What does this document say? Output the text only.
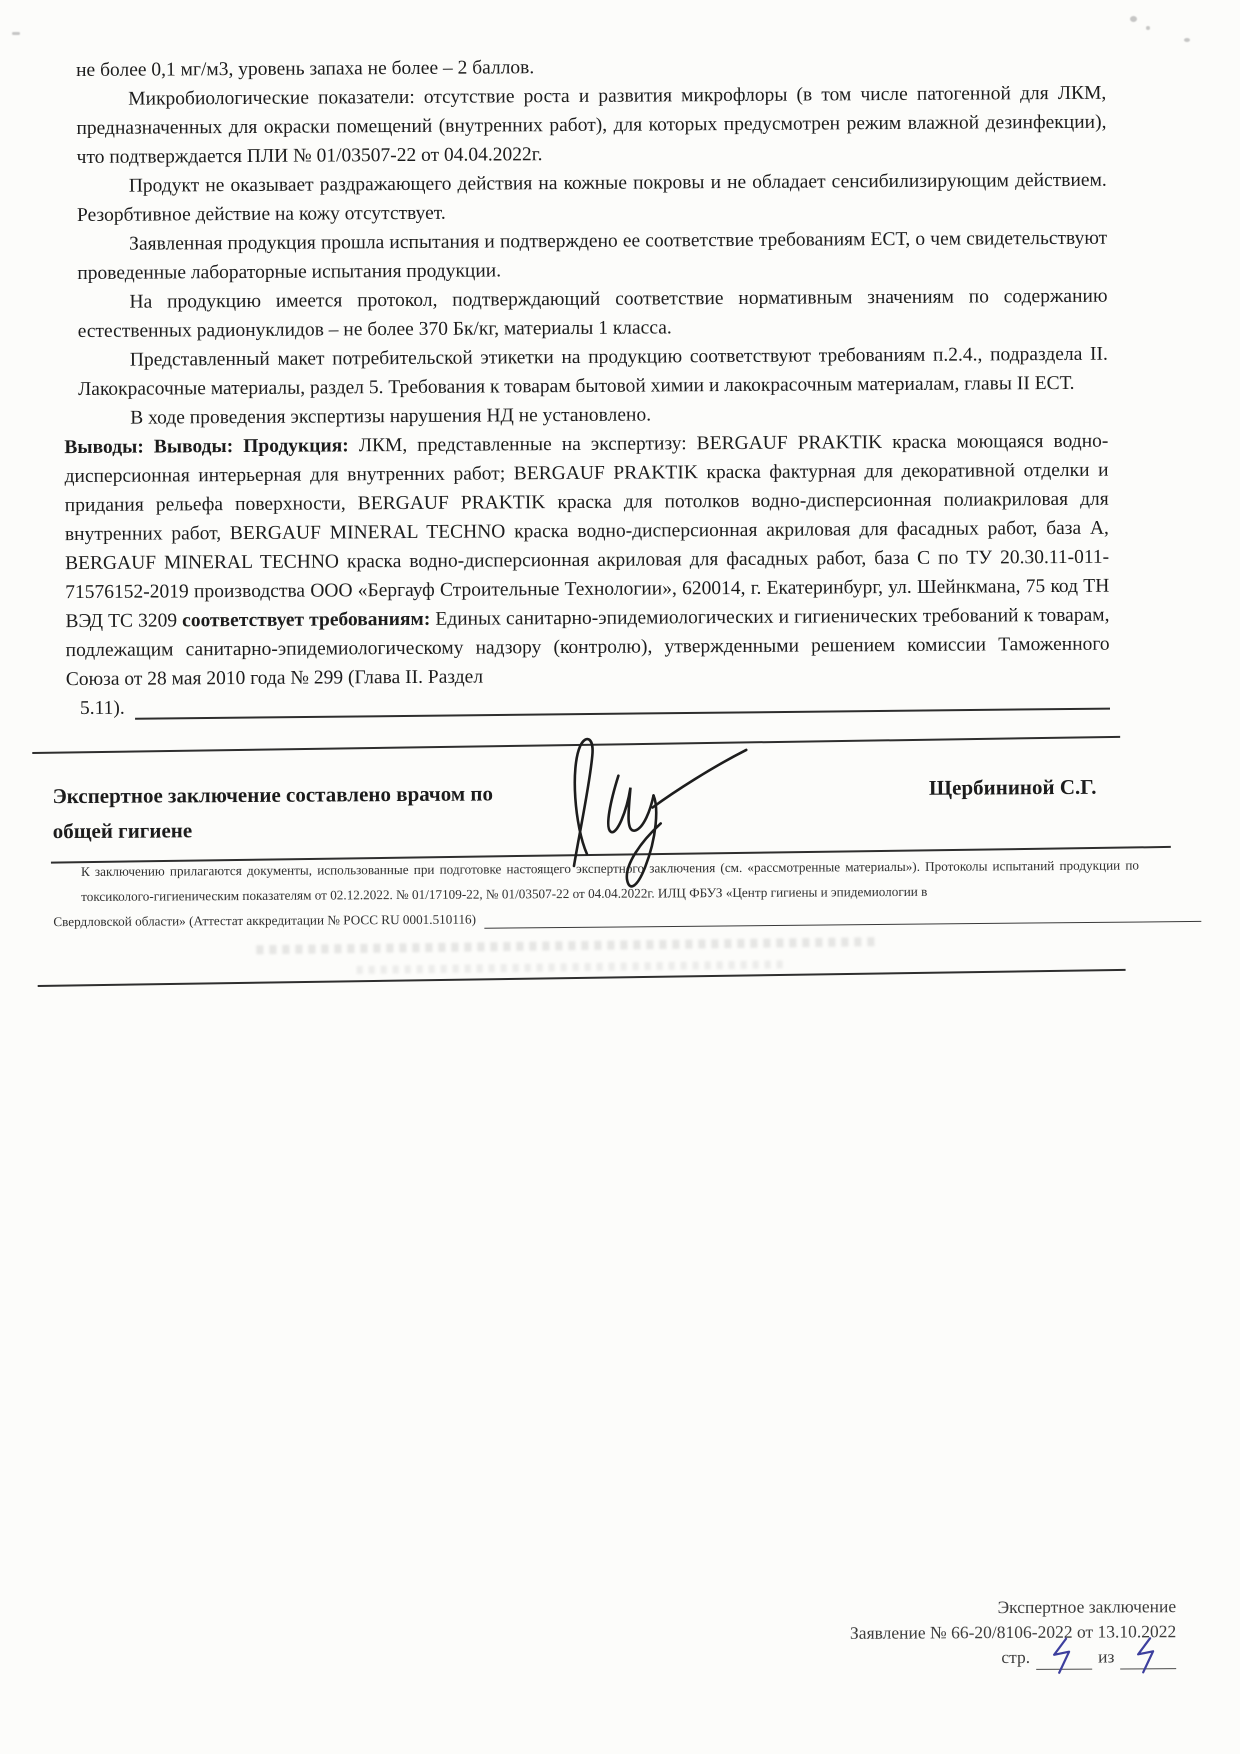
не более 0,1 мг/м3, уровень запаха не более – 2 баллов.

Микробиологические показатели: отсутствие роста и развития микрофлоры (в том числе патогенной для ЛКМ, предназначенных для окраски помещений (внутренних работ), для которых предусмотрен режим влажной дезинфекции), что подтверждается ПЛИ № 01/03507-22 от 04.04.2022г.

Продукт не оказывает раздражающего действия на кожные покровы и не обладает сенсибилизирующим действием. Резорбтивное действие на кожу отсутствует.

Заявленная продукция прошла испытания и подтверждено ее соответствие требованиям ЕСТ, о чем свидетельствуют проведенные лабораторные испытания продукции.

На продукцию имеется протокол, подтверждающий соответствие нормативным значениям по содержанию естественных радионуклидов – не более 370 Бк/кг, материалы 1 класса.

Представленный макет потребительской этикетки на продукцию соответствуют требованиям п.2.4., подраздела II. Лакокрасочные материалы, раздел 5. Требования к товарам бытовой химии и лакокрасочным материалам, главы II ЕСТ.

В ходе проведения экспертизы нарушения НД не установлено.

Выводы: Выводы: Продукция: ЛКМ, представленные на экспертизу: BERGAUF PRAKTIK краска моющаяся водно-дисперсионная интерьерная для внутренних работ; BERGAUF PRAKTIK краска фактурная для декоративной отделки и придания рельефа поверхности, BERGAUF PRAKTIK краска для потолков водно-дисперсионная полиакриловая для внутренних работ, BERGAUF MINERAL TECHNO краска водно-дисперсионная акриловая для фасадных работ, база А, BERGAUF MINERAL TECHNO краска водно-дисперсионная акриловая для фасадных работ, база С по ТУ 20.30.11-011-71576152-2019 производства ООО «Бергауф Строительные Технологии», 620014, г. Екатеринбург, ул. Шейнкмана, 75 код ТН ВЭД ТС 3209 соответствует требованиям: Единых санитарно-эпидемиологических и гигиенических требований к товарам, подлежащим санитарно-эпидемиологическому надзору (контролю), утвержденными решением комиссии Таможенного Союза от 28 мая 2010 года № 299 (Глава II. Раздел

5.11).
Экспертное заключение составлено врачом по
общей гигиене
Щербининой С.Г.

К заключению прилагаются документы, использованные при подготовке настоящего экспертного заключения (см. «рассмотренные материалы»). Протоколы испытаний продукции по токсиколого-гигиеническим показателям от 02.12.2022. № 01/17109-22, № 01/03507-22 от 04.04.2022г. ИЛЦ ФБУЗ «Центр гигиены и эпидемиологии в

Свердловской области» (Аттестат аккредитации № РОСС RU 0001.510116)
Экспертное заключение
Заявление № 66-20/8106-2022 от 13.10.2022
стр.	из
